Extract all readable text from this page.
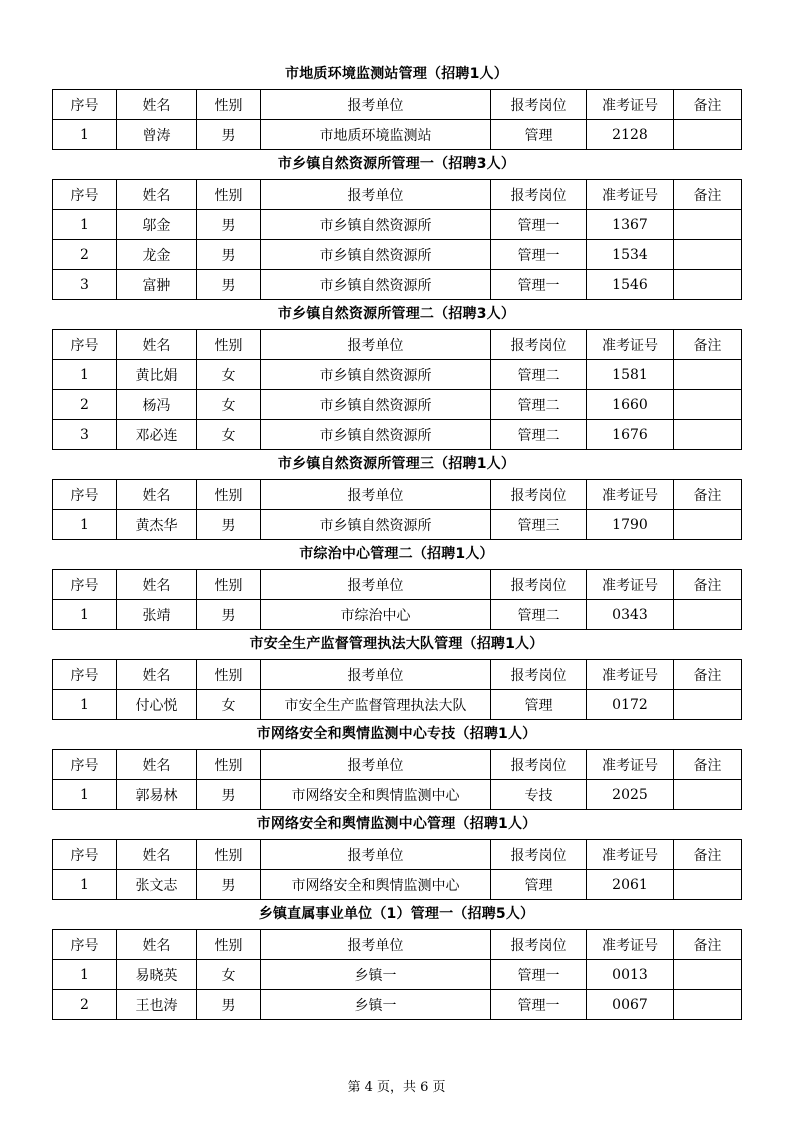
市地质环境监测站管理（招聘1人）
序号	姓名	性别	报考单位	报考岗位	准考证号	备注
1	曾涛	男	市地质环境监测站	管理	2128	
市乡镇自然资源所管理一（招聘3人）
序号	姓名	性别	报考单位	报考岗位	准考证号	备注
1	邬金	男	市乡镇自然资源所	管理一	1367	
2	龙金	男	市乡镇自然资源所	管理一	1534	
3	富翀	男	市乡镇自然资源所	管理一	1546	
市乡镇自然资源所管理二（招聘3人）
序号	姓名	性别	报考单位	报考岗位	准考证号	备注
1	黄比娟	女	市乡镇自然资源所	管理二	1581	
2	杨冯	女	市乡镇自然资源所	管理二	1660	
3	邓必连	女	市乡镇自然资源所	管理二	1676	
市乡镇自然资源所管理三（招聘1人）
序号	姓名	性别	报考单位	报考岗位	准考证号	备注
1	黄杰华	男	市乡镇自然资源所	管理三	1790	
市综治中心管理二（招聘1人）
序号	姓名	性别	报考单位	报考岗位	准考证号	备注
1	张靖	男	市综治中心	管理二	0343	
市安全生产监督管理执法大队管理（招聘1人）
序号	姓名	性别	报考单位	报考岗位	准考证号	备注
1	付心悦	女	市安全生产监督管理执法大队	管理	0172	
市网络安全和舆情监测中心专技（招聘1人）
序号	姓名	性别	报考单位	报考岗位	准考证号	备注
1	郭易林	男	市网络安全和舆情监测中心	专技	2025	
市网络安全和舆情监测中心管理（招聘1人）
序号	姓名	性别	报考单位	报考岗位	准考证号	备注
1	张文志	男	市网络安全和舆情监测中心	管理	2061	
乡镇直属事业单位（1）管理一（招聘5人）
序号	姓名	性别	报考单位	报考岗位	准考证号	备注
1	易晓英	女	乡镇一	管理一	0013	
2	王也涛	男	乡镇一	管理一	0067	
第 4 页，共 6 页
